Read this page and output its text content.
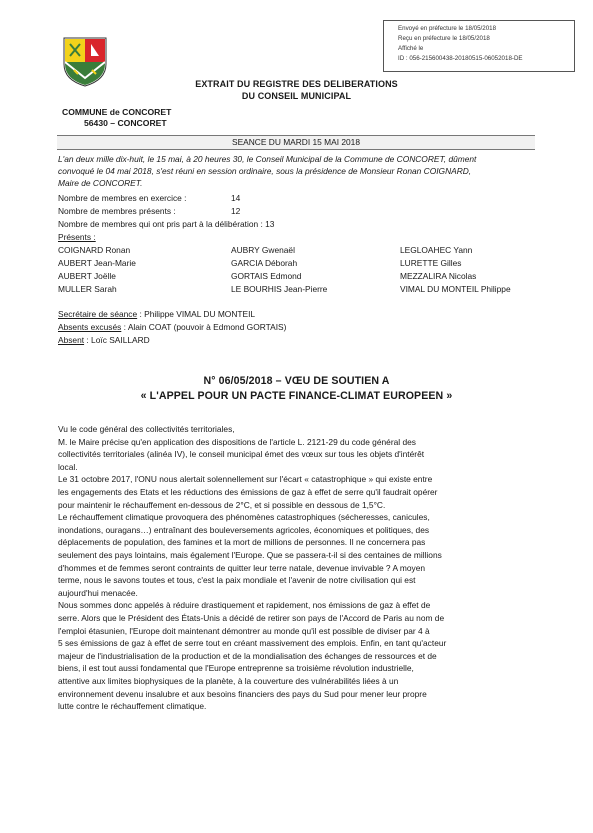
Envoyé en préfecture le 18/05/2018
Reçu en préfecture le 18/05/2018
Affiché le
ID : 056-215600438-20180515-06052018-DE
EXTRAIT DU REGISTRE DES DELIBERATIONS
DU CONSEIL MUNICIPAL
COMMUNE de CONCORET
56430 – CONCORET
SEANCE DU MARDI 15 MAI 2018
L'an deux mille dix-huit, le 15 mai, à 20 heures 30, le Conseil Municipal de la Commune de CONCORET, dûment
convoqué le 04 mai 2018, s'est réuni en session ordinaire, sous la présidence de Monsieur Ronan COIGNARD,
Maire de CONCORET.
Nombre de membres en exercice :	14
Nombre de membres présents :	12
Nombre de membres qui ont pris part à la délibération : 13
Présents :
COIGNARD Ronan	AUBRY Gwenaël	LEGLOAHEC Yann
AUBERT Jean-Marie	GARCIA Déborah	LURETTE Gilles
AUBERT Joëlle	GORTAIS Edmond	MEZZALIRA Nicolas
MULLER Sarah	LE BOURHIS Jean-Pierre	VIMAL DU MONTEIL Philippe
Secrétaire de séance : Philippe VIMAL DU MONTEIL
Absents excusés : Alain COAT (pouvoir à Edmond GORTAIS)
Absent : Loïc SAILLARD
N° 06/05/2018 – VŒU DE SOUTIEN A
« L'APPEL POUR UN PACTE FINANCE-CLIMAT EUROPEEN »
Vu le code général des collectivités territoriales,
M. le Maire précise qu'en application des dispositions de l'article L. 2121-29 du code général des
collectivités territoriales (alinéa IV), le conseil municipal émet des vœux sur tous les objets d'intérêt
local.
Le 31 octobre 2017, l'ONU nous alertait solennellement sur l'écart « catastrophique » qui existe entre
les engagements des Etats et les réductions des émissions de gaz à effet de serre qu'il faudrait opérer
pour maintenir le réchauffement en-dessous de 2°C, et si possible en dessous de 1,5°C.
Le réchauffement climatique provoquera des phénomènes catastrophiques (sécheresses, canicules,
inondations, ouragans…) entraînant des bouleversements agricoles, économiques et politiques, des
déplacements de population, des famines et la mort de millions de personnes. Il ne concernera pas
seulement des pays lointains, mais également l'Europe. Que se passera-t-il si des centaines de millions
d'hommes et de femmes seront contraints de quitter leur terre natale, devenue invivable ? A moyen
terme, nous le savons toutes et tous, c'est la paix mondiale et l'avenir de notre civilisation qui est
aujourd'hui menacée.
Nous sommes donc appelés à réduire drastiquement et rapidement, nos émissions de gaz à effet de
serre. Alors que le Président des États-Unis a décidé de retirer son pays de l'Accord de Paris au nom de
l'emploi étasunien, l'Europe doit maintenant démontrer au monde qu'il est possible de diviser par 4 à
5 ses émissions de gaz à effet de serre tout en créant massivement des emplois. Enfin, en tant qu'acteur
majeur de l'industrialisation de la production et de la mondialisation des échanges de ressources et de
biens, il est tout aussi fondamental que l'Europe entreprenne sa troisième révolution industrielle,
attentive aux limites biophysiques de la planète, à la couverture des vulnérabilités liées à un
environnement devenu insalubre et aux besoins financiers des pays du Sud pour mener leur propre
lutte contre le réchauffement climatique.
